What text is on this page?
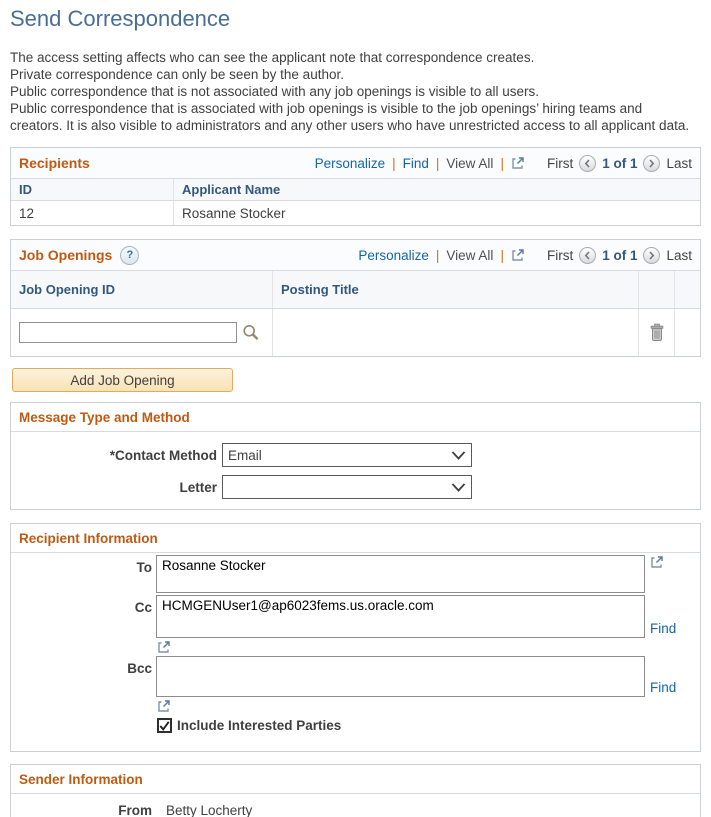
Send Correspondence
The access setting affects who can see the applicant note that correspondence creates.
Private correspondence can only be seen by the author.
Public correspondence that is not associated with any job openings is visible to all users.
Public correspondence that is associated with job openings is visible to the job openings’ hiring teams and creators. It is also visible to administrators and any other users who have unrestricted access to all applicant data.
Recipients	Personalize | Find | View All |	First 1 of 1 Last
ID	Applicant Name
12	Rosanne Stocker
Job Openings	?	Personalize | View All |	First 1 of 1 Last
Job Opening ID	Posting Title
Add Job Opening
Message Type and Method
*Contact Method Email
Letter
Recipient Information
To
Rosanne Stocker
Cc
HCMGENUser1@ap6023fems.us.oracle.com
Find
Bcc
Find
Include Interested Parties
Sender Information
From	Betty Locherty
